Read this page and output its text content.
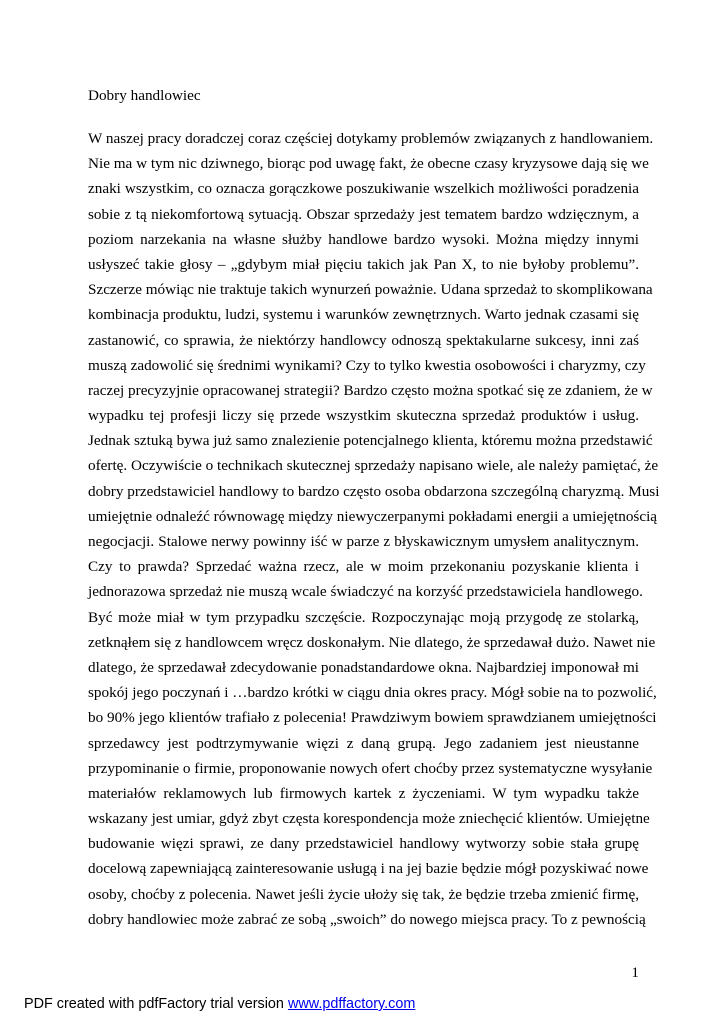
Dobry handlowiec
W naszej pracy doradczej coraz częściej dotykamy problemów związanych z handlowaniem.
Nie ma w tym nic dziwnego, biorąc pod uwagę fakt, że obecne czasy kryzysowe dają się we
znaki wszystkim, co oznacza gorączkowe poszukiwanie wszelkich możliwości poradzenia
sobie z tą niekomfortową sytuacją. Obszar sprzedaży jest tematem bardzo wdzięcznym, a
poziom narzekania na własne służby handlowe bardzo wysoki. Można między innymi
usłyszeć takie głosy – „gdybym miał pięciu takich jak Pan X, to nie byłoby problemu”.
Szczerze mówiąc nie traktuje takich wynurzeń poważnie. Udana sprzedaż to skomplikowana
kombinacja produktu, ludzi, systemu i warunków zewnętrznych. Warto jednak czasami się
zastanowić, co sprawia, że niektórzy handlowcy odnoszą spektakularne sukcesy, inni zaś
muszą zadowolić się średnimi wynikami? Czy to tylko kwestia osobowości i charyzmy, czy
raczej precyzyjnie opracowanej strategii? Bardzo często można spotkać się ze zdaniem, że w
wypadku tej profesji liczy się przede wszystkim skuteczna sprzedaż produktów i usług.
Jednak sztuką bywa już samo znalezienie potencjalnego klienta, któremu można przedstawić
ofertę. Oczywiście o technikach skutecznej sprzedaży napisano wiele, ale należy pamiętać, że
dobry przedstawiciel handlowy to bardzo często osoba obdarzona szczególną charyzmą. Musi
umiejętnie odnaleźć równowagę między niewyczerpanymi pokładami energii a umiejętnością
negocjacji. Stalowe nerwy powinny iść w parze z błyskawicznym umysłem analitycznym.
Czy to prawda? Sprzedać ważna rzecz, ale w moim przekonaniu pozyskanie klienta i
jednorazowa sprzedaż nie muszą wcale świadczyć na korzyść przedstawiciela handlowego.
Być może miał w tym przypadku szczęście. Rozpoczynając moją przygodę ze stolarką,
zetknąłem się z handlowcem wręcz doskonałym. Nie dlatego, że sprzedawał dużo. Nawet nie
dlatego, że sprzedawał zdecydowanie ponadstandardowe okna. Najbardziej imponował mi
spokój jego poczynań i …bardzo krótki w ciągu dnia okres pracy. Mógł sobie na to pozwolić,
bo 90% jego klientów trafiało z polecenia! Prawdziwym bowiem sprawdzianem umiejętności
sprzedawcy jest podtrzymywanie więzi z daną grupą. Jego zadaniem jest nieustanne
przypominanie o firmie, proponowanie nowych ofert choćby przez systematyczne wysyłanie
materiałów reklamowych lub firmowych kartek z życzeniami. W tym wypadku także
wskazany jest umiar, gdyż zbyt częsta korespondencja może zniechęcić klientów. Umiejętne
budowanie więzi sprawi, ze dany przedstawiciel handlowy wytworzy sobie stała grupę
docelową zapewniającą zainteresowanie usługą i na jej bazie będzie mógł pozyskiwać nowe
osoby, choćby z polecenia. Nawet jeśli życie ułoży się tak, że będzie trzeba zmienić firmę,
dobry handlowiec może zabrać ze sobą „swoich” do nowego miejsca pracy. To z pewnością
1
PDF created with pdfFactory trial version www.pdffactory.com
